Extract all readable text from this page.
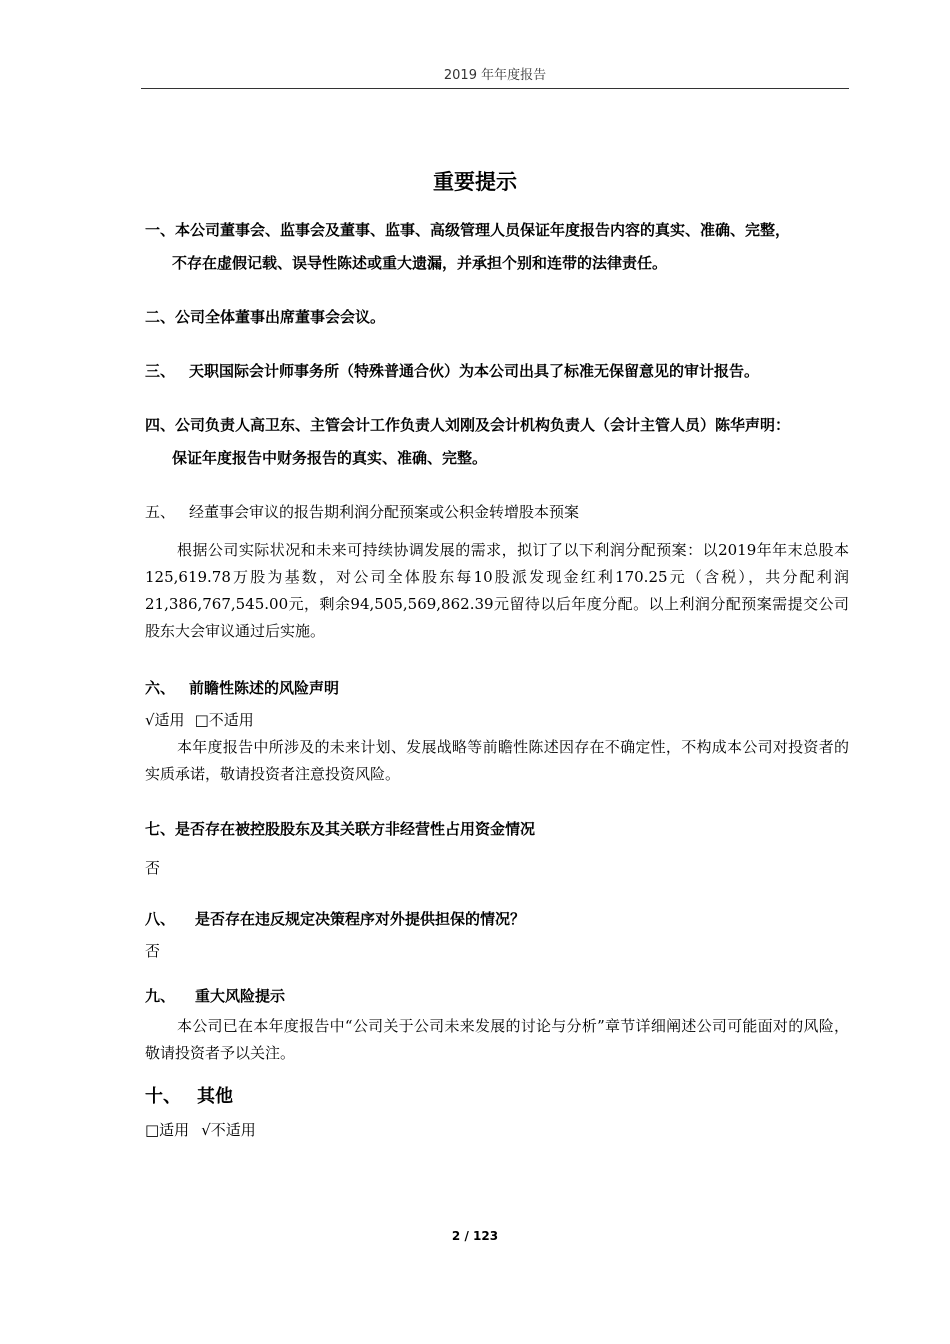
2019 年年度报告
重要提示
一、本公司董事会、监事会及董事、监事、高级管理人员保证年度报告内容的真实、准确、完整，
不存在虚假记载、误导性陈述或重大遗漏，并承担个别和连带的法律责任。
二、公司全体董事出席董事会会议。
三、 天职国际会计师事务所（特殊普通合伙）为本公司出具了标准无保留意见的审计报告。
四、公司负责人高卫东、主管会计工作负责人刘刚及会计机构负责人（会计主管人员）陈华声明：
保证年度报告中财务报告的真实、准确、完整。
五、 经董事会审议的报告期利润分配预案或公积金转增股本预案
根据公司实际状况和未来可持续协调发展的需求，拟订了以下利润分配预案：以2019年年末总股本125,619.78万股为基数，对公司全体股东每10股派发现金红利170.25元（含税），共分配利润21,386,767,545.00元，剩余94,505,569,862.39元留待以后年度分配。以上利润分配预案需提交公司股东大会审议通过后实施。
六、 前瞻性陈述的风险声明
√适用 □不适用
本年度报告中所涉及的未来计划、发展战略等前瞻性陈述因存在不确定性，不构成本公司对投资者的实质承诺，敬请投资者注意投资风险。
七、是否存在被控股股东及其关联方非经营性占用资金情况
否
八、 是否存在违反规定决策程序对外提供担保的情况？
否
九、 重大风险提示
本公司已在本年度报告中“公司关于公司未来发展的讨论与分析”章节详细阐述公司可能面对的风险，敬请投资者予以关注。
十、 其他
□适用 √不适用
2 / 123
